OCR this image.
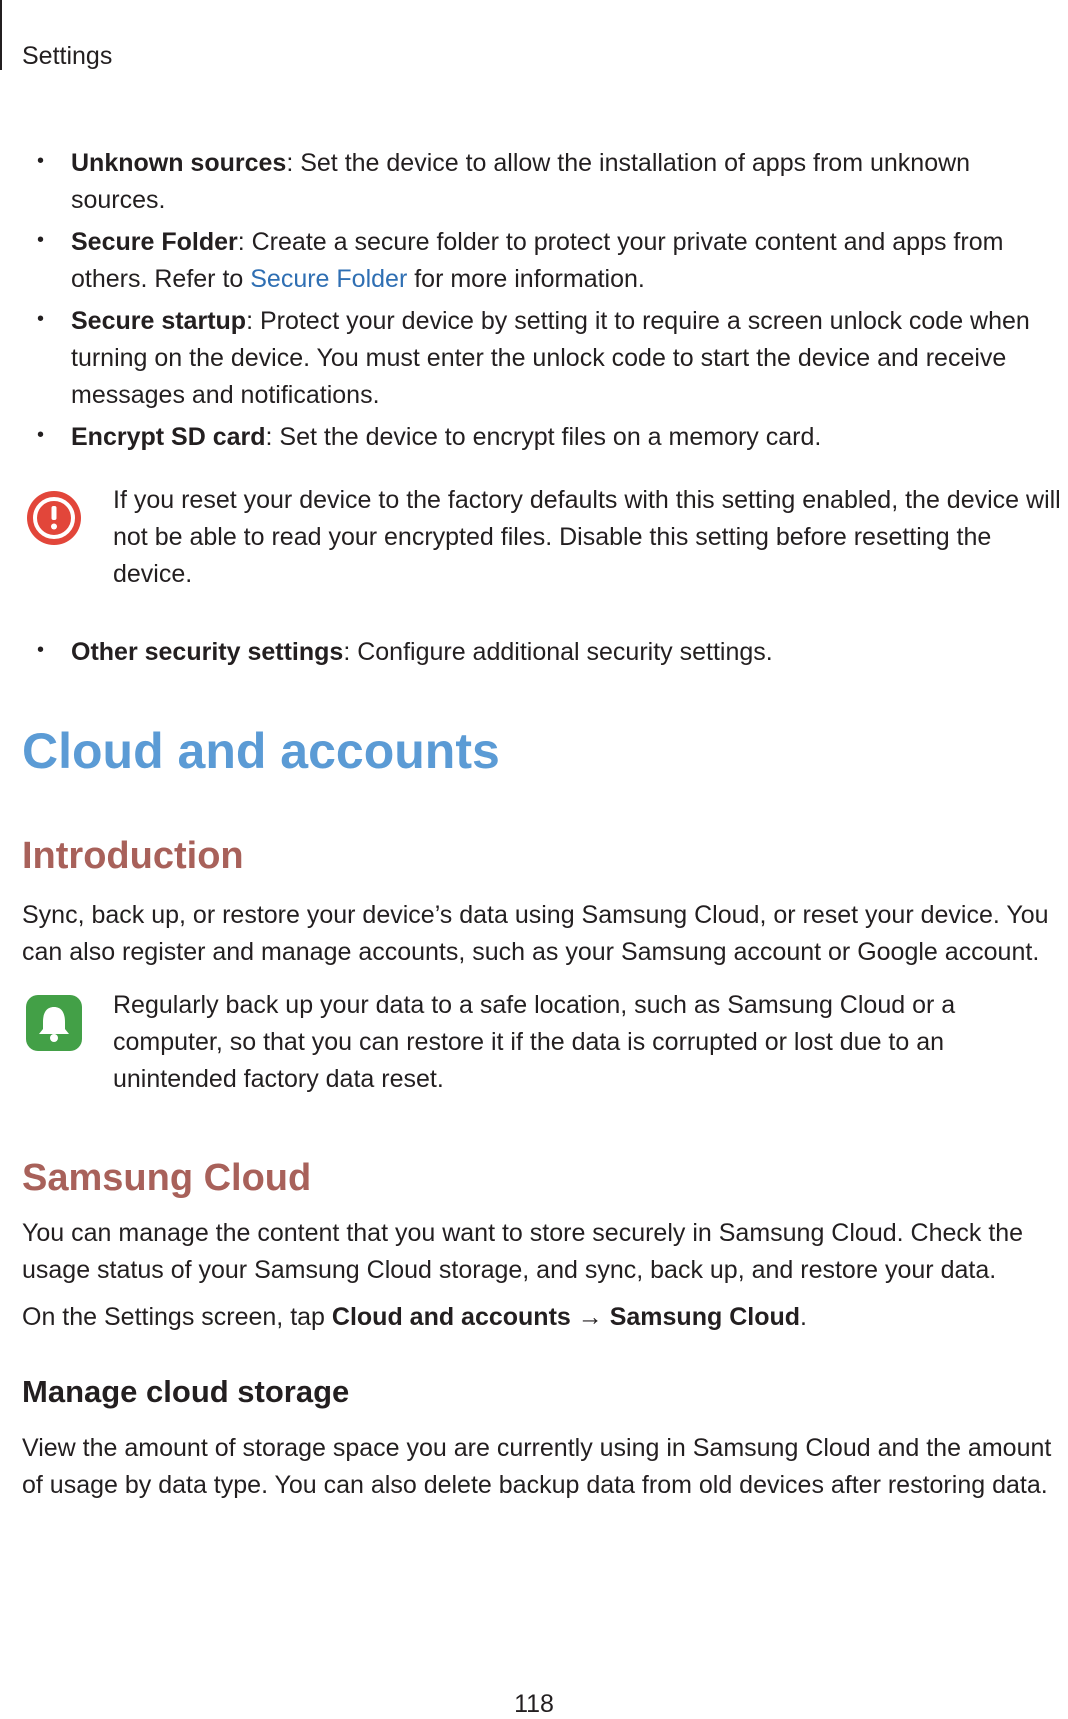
Settings
• Unknown sources: Set the device to allow the installation of apps from unknown sources.
• Secure Folder: Create a secure folder to protect your private content and apps from others. Refer to Secure Folder for more information.
• Secure startup: Protect your device by setting it to require a screen unlock code when turning on the device. You must enter the unlock code to start the device and receive messages and notifications.
• Encrypt SD card: Set the device to encrypt files on a memory card.
If you reset your device to the factory defaults with this setting enabled, the device will not be able to read your encrypted files. Disable this setting before resetting the device.
• Other security settings: Configure additional security settings.
Cloud and accounts
Introduction
Sync, back up, or restore your device’s data using Samsung Cloud, or reset your device. You can also register and manage accounts, such as your Samsung account or Google account.
Regularly back up your data to a safe location, such as Samsung Cloud or a computer, so that you can restore it if the data is corrupted or lost due to an unintended factory data reset.
Samsung Cloud
You can manage the content that you want to store securely in Samsung Cloud. Check the usage status of your Samsung Cloud storage, and sync, back up, and restore your data.
On the Settings screen, tap Cloud and accounts → Samsung Cloud.
Manage cloud storage
View the amount of storage space you are currently using in Samsung Cloud and the amount of usage by data type. You can also delete backup data from old devices after restoring data.
118
